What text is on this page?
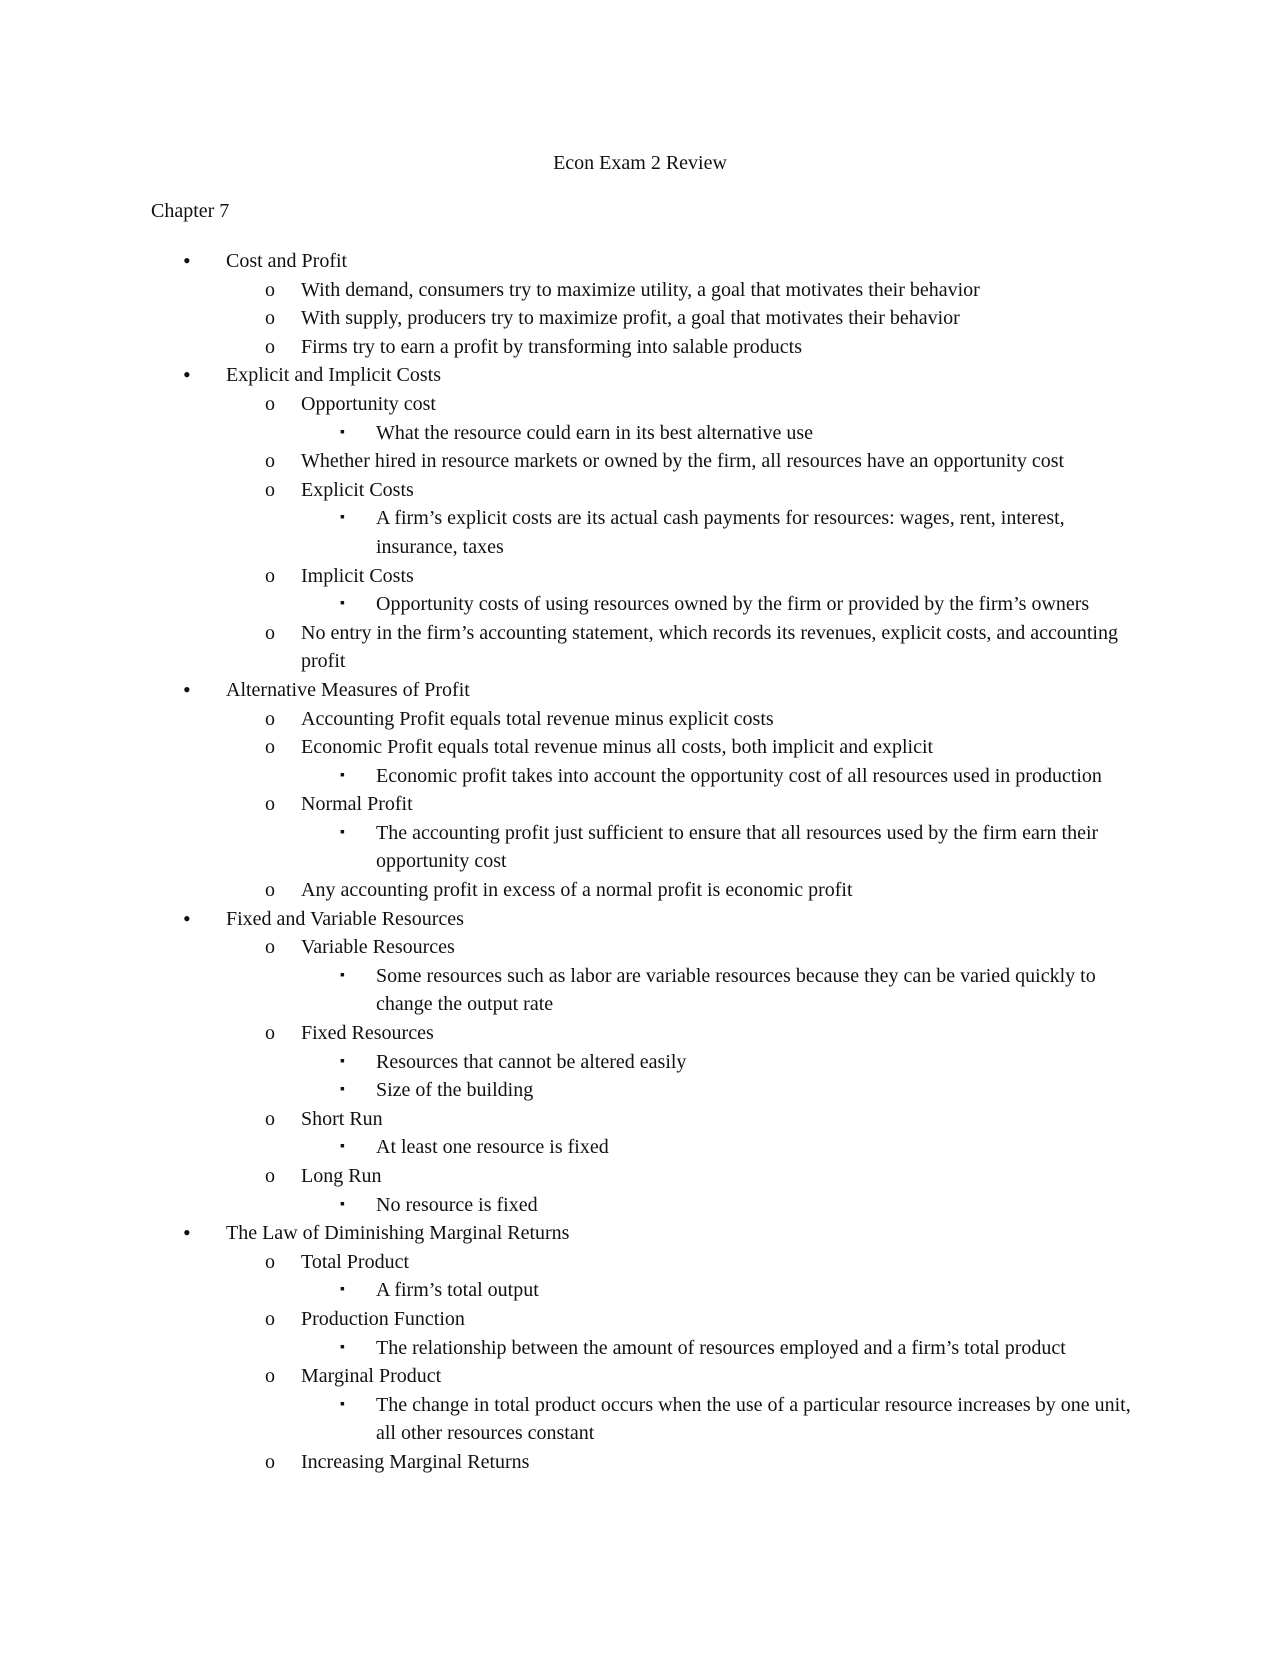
Econ Exam 2 Review
Chapter 7
• Cost and Profit
o With demand, consumers try to maximize utility, a goal that motivates their behavior
o With supply, producers try to maximize profit, a goal that motivates their behavior
o Firms try to earn a profit by transforming into salable products
• Explicit and Implicit Costs
o Opportunity cost
▪ What the resource could earn in its best alternative use
o Whether hired in resource markets or owned by the firm, all resources have an opportunity cost
o Explicit Costs
▪ A firm’s explicit costs are its actual cash payments for resources: wages, rent, interest, insurance, taxes
o Implicit Costs
▪ Opportunity costs of using resources owned by the firm or provided by the firm’s owners
o No entry in the firm’s accounting statement, which records its revenues, explicit costs, and accounting profit
• Alternative Measures of Profit
o Accounting Profit equals total revenue minus explicit costs
o Economic Profit equals total revenue minus all costs, both implicit and explicit
▪ Economic profit takes into account the opportunity cost of all resources used in production
o Normal Profit
▪ The accounting profit just sufficient to ensure that all resources used by the firm earn their opportunity cost
o Any accounting profit in excess of a normal profit is economic profit
• Fixed and Variable Resources
o Variable Resources
▪ Some resources such as labor are variable resources because they can be varied quickly to change the output rate
o Fixed Resources
▪ Resources that cannot be altered easily
▪ Size of the building
o Short Run
▪ At least one resource is fixed
o Long Run
▪ No resource is fixed
• The Law of Diminishing Marginal Returns
o Total Product
▪ A firm’s total output
o Production Function
▪ The relationship between the amount of resources employed and a firm’s total product
o Marginal Product
▪ The change in total product occurs when the use of a particular resource increases by one unit, all other resources constant
o Increasing Marginal Returns
